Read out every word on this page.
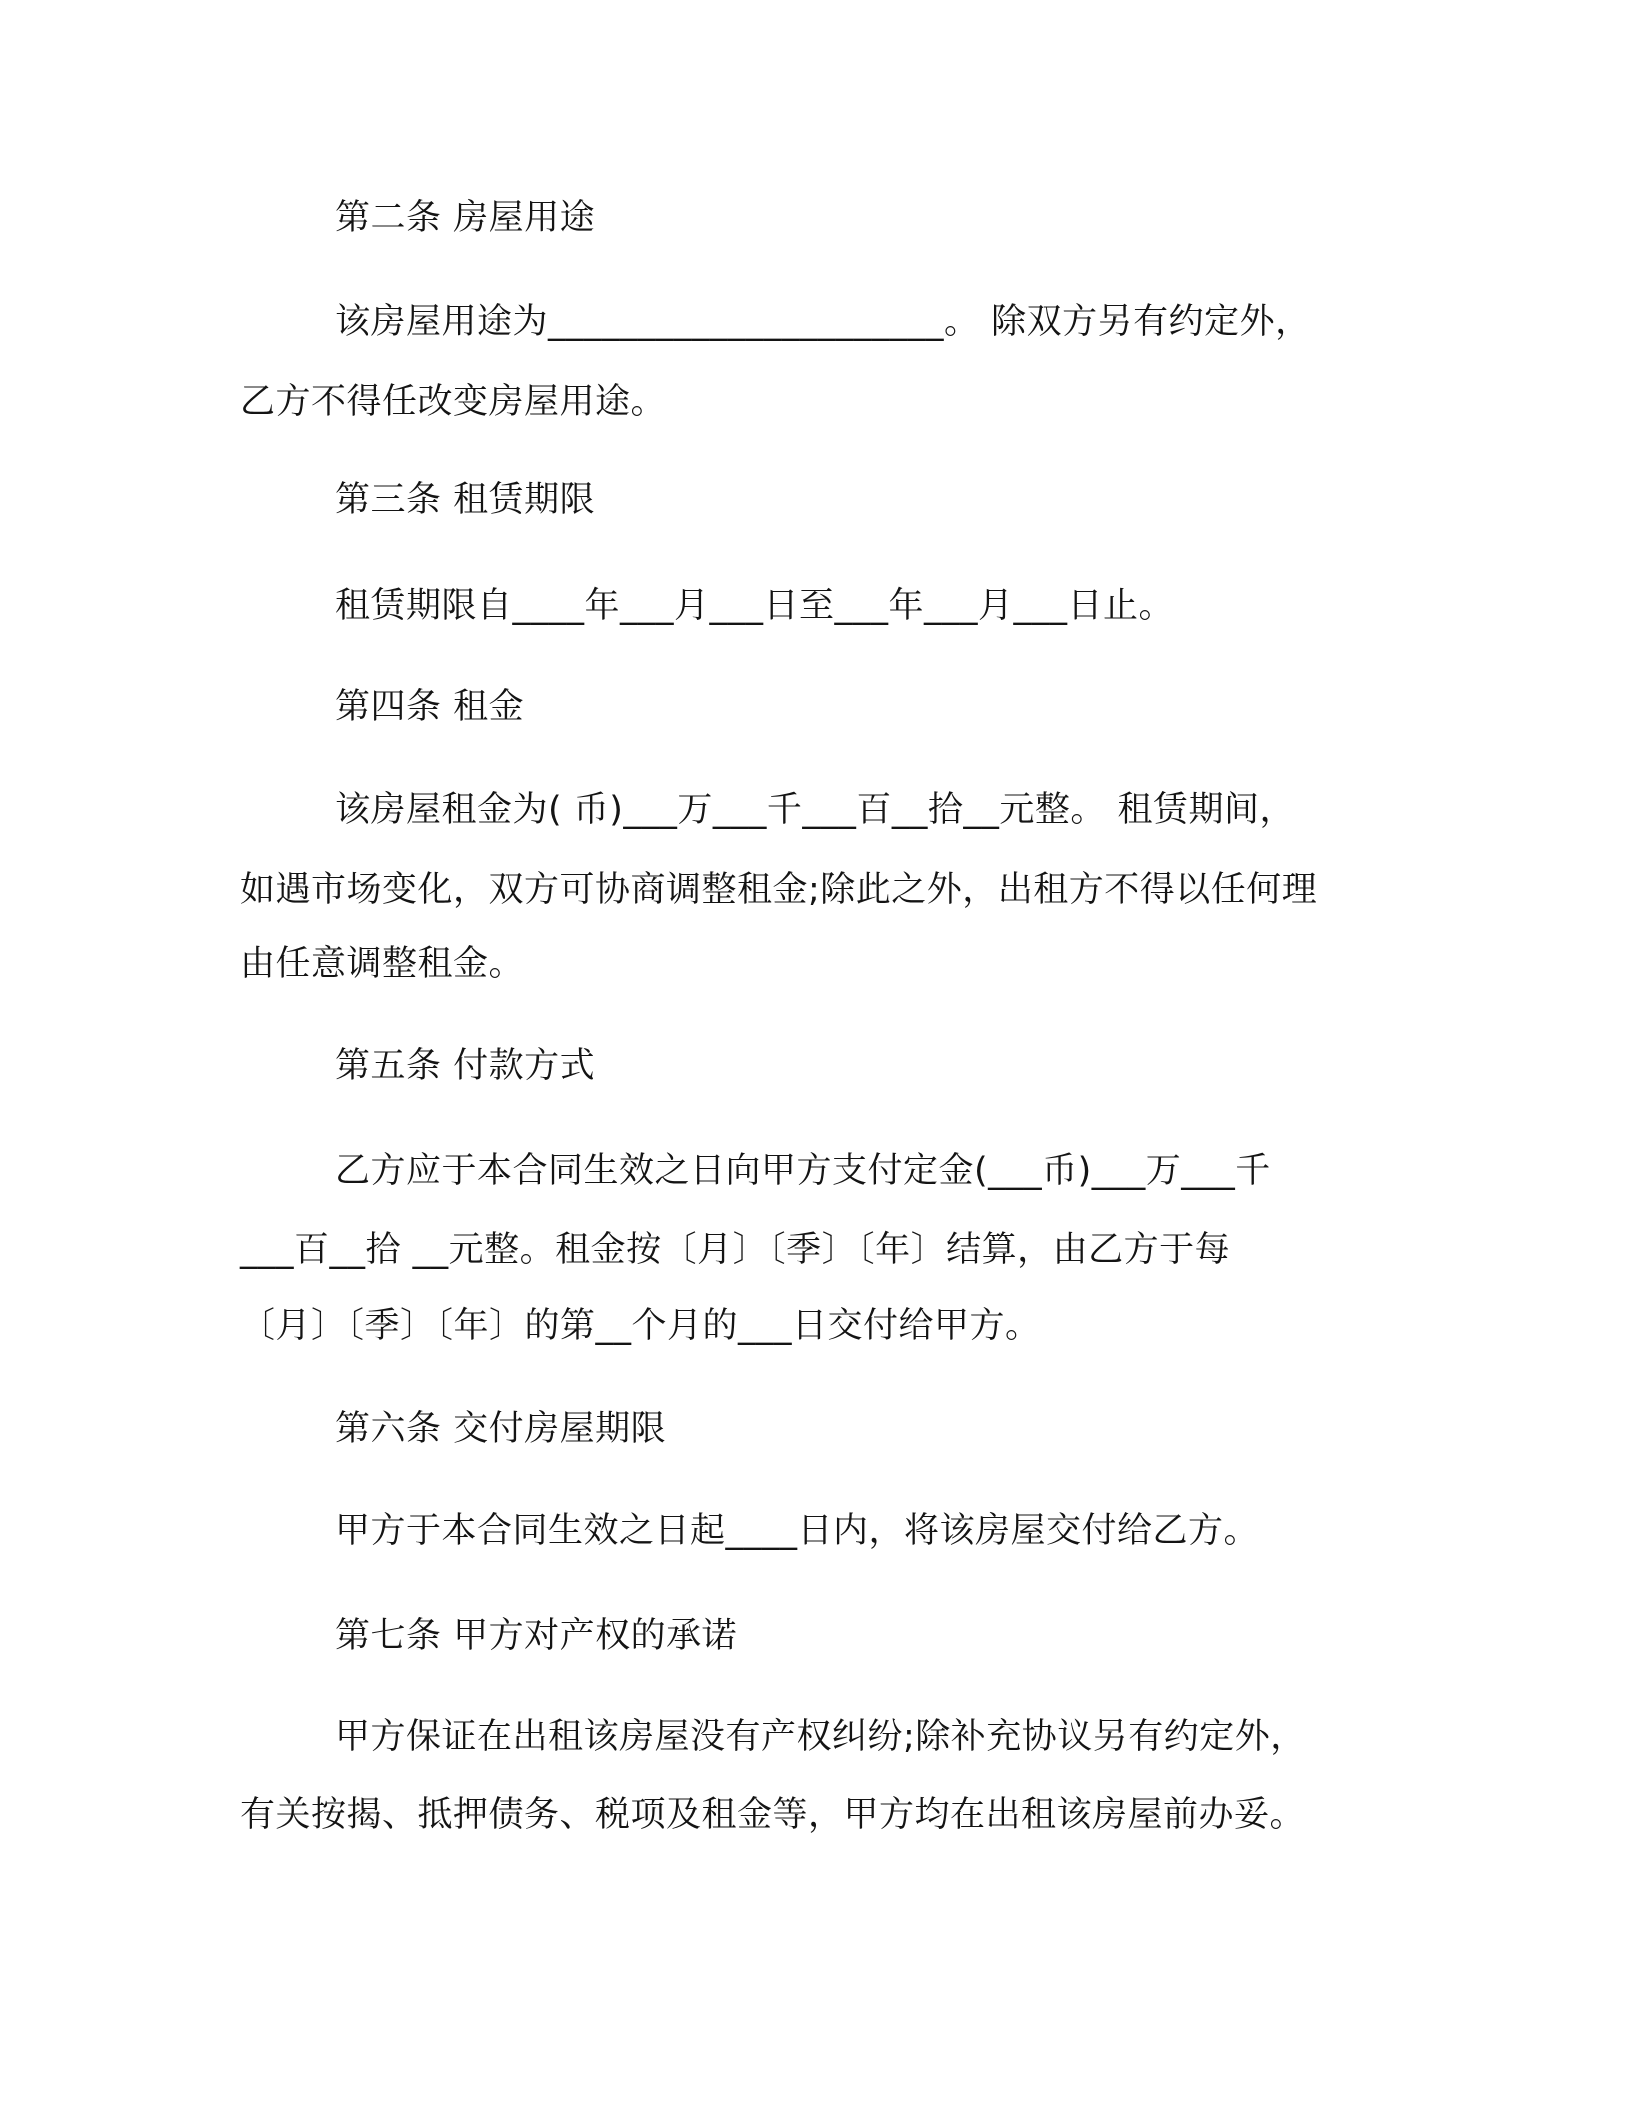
第二条 房屋用途
该房屋用途为______________________。 除双方另有约定外，
乙方不得任改变房屋用途。
第三条 租赁期限
租赁期限自____年___月___日至___年___月___日止。
第四条 租金
该房屋租金为( 币)___万___千___百__拾__元整。 租赁期间，
如遇市场变化，双方可协商调整租金;除此之外，出租方不得以任何理
由任意调整租金。
第五条 付款方式
乙方应于本合同生效之日向甲方支付定金(___币)___万___千
___百__拾 __元整。租金按〔月〕〔季〕〔年〕结算，由乙方于每
〔月〕〔季〕〔年〕的第__个月的___日交付给甲方。
第六条 交付房屋期限
甲方于本合同生效之日起____日内，将该房屋交付给乙方。
第七条 甲方对产权的承诺
甲方保证在出租该房屋没有产权纠纷;除补充协议另有约定外，
有关按揭、抵押债务、税项及租金等，甲方均在出租该房屋前办妥。
